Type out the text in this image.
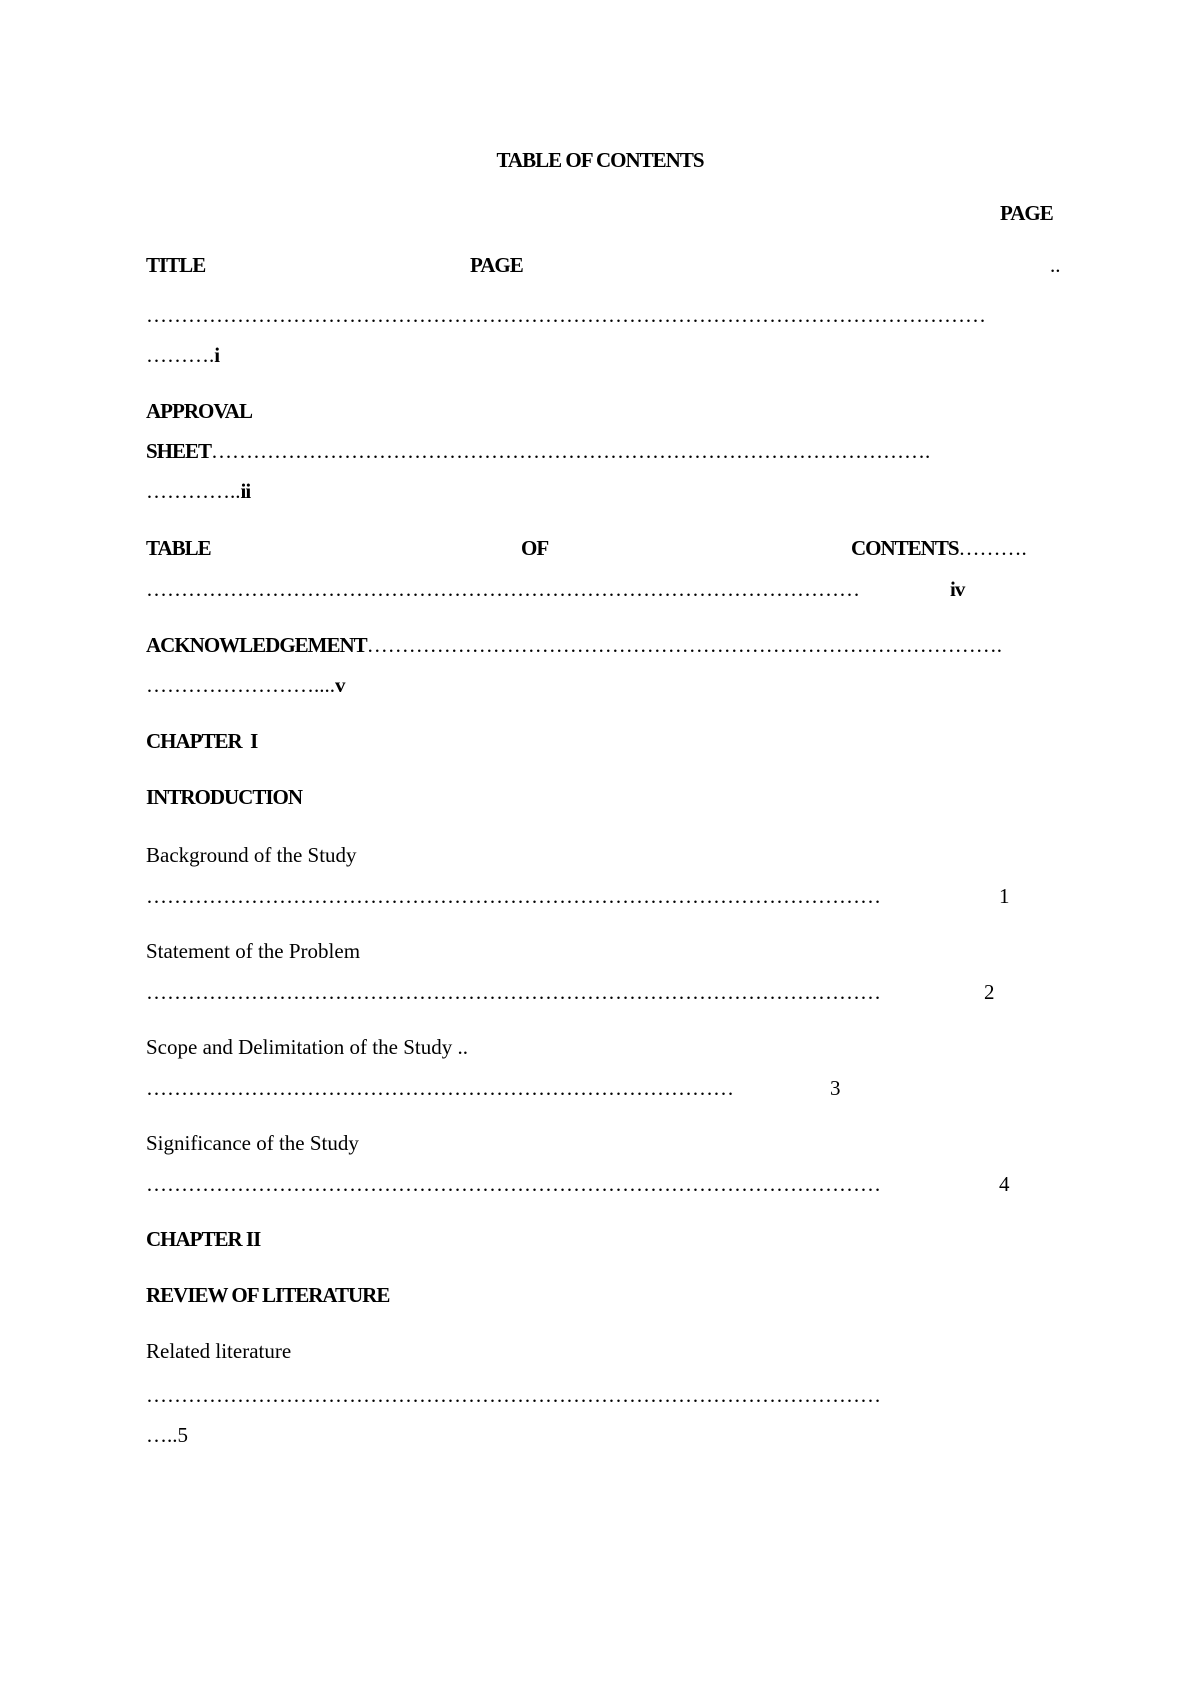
TABLE OF CONTENTS
PAGE
TITLE	PAGE	..
…………………………………………………………………………………………………………
……….i
APPROVAL
SHEET………………………………………………………………………………………….
…………..ii
TABLE	OF	CONTENTS……….
…………………………………………………………………………………………	iv
ACKNOWLEDGEMENT……………………………………………………………………………….
……………………....v
CHAPTER  I
INTRODUCTION
Background of the Study
……………………………………………………………………………………………	1
Statement of the Problem
……………………………………………………………………………………………	2
Scope and Delimitation of the Study ..
…………………………………………………………………………	3
Significance of the Study
……………………………………………………………………………………………	4
CHAPTER II
REVIEW OF LITERATURE
Related literature
……………………………………………………………………………………………
…..5
